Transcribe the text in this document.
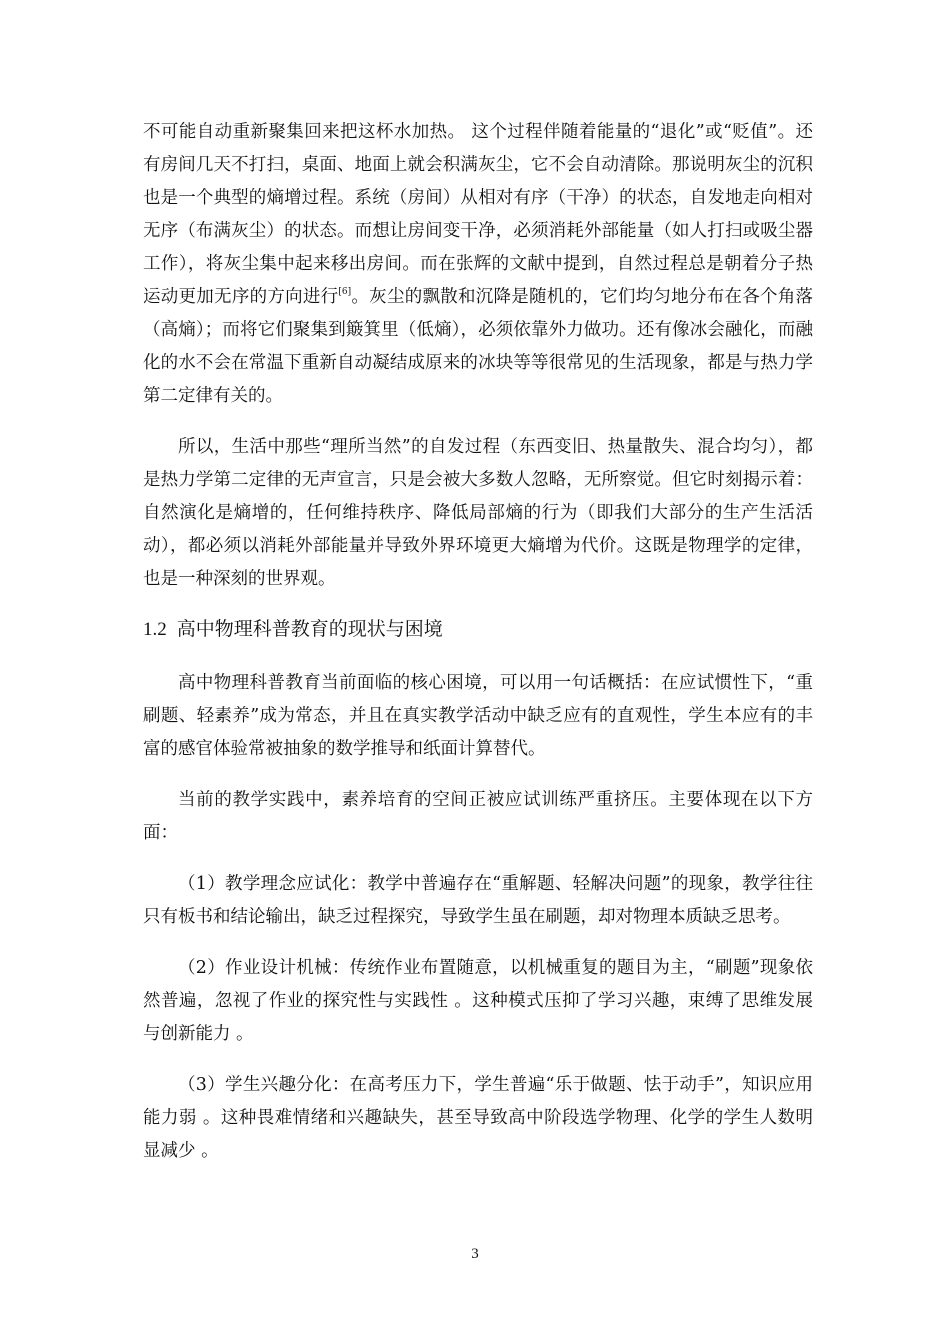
不可能自动重新聚集回来把这杯水加热。 这个过程伴随着能量的“退化”或“贬值”。还有房间几天不打扫，桌面、地面上就会积满灰尘，它不会自动清除。那说明灰尘的沉积也是一个典型的熵增过程。系统（房间）从相对有序（干净）的状态，自发地走向相对无序（布满灰尘）的状态。而想让房间变干净，必须消耗外部能量（如人打扫或吸尘器工作），将灰尘集中起来移出房间。而在张辉的文献中提到，自然过程总是朝着分子热运动更加无序的方向进行[6]。灰尘的飘散和沉降是随机的，它们均匀地分布在各个角落（高熵）；而将它们聚集到簸箕里（低熵），必须依靠外力做功。还有像冰会融化，而融化的水不会在常温下重新自动凝结成原来的冰块等等很常见的生活现象，都是与热力学第二定律有关的。

所以，生活中那些“理所当然”的自发过程（东西变旧、热量散失、混合均匀），都是热力学第二定律的无声宣言，只是会被大多数人忽略，无所察觉。但它时刻揭示着：自然演化是熵增的，任何维持秩序、降低局部熵的行为（即我们大部分的生产生活活动），都必须以消耗外部能量并导致外界环境更大熵增为代价。这既是物理学的定律，也是一种深刻的世界观。

1.2 高中物理科普教育的现状与困境

高中物理科普教育当前面临的核心困境，可以用一句话概括：在应试惯性下，“重刷题、轻素养”成为常态，并且在真实教学活动中缺乏应有的直观性，学生本应有的丰富的感官体验常被抽象的数学推导和纸面计算替代。

当前的教学实践中，素养培育的空间正被应试训练严重挤压。主要体现在以下方面：

（1）教学理念应试化：教学中普遍存在“重解题、轻解决问题”的现象，教学往往只有板书和结论输出，缺乏过程探究，导致学生虽在刷题，却对物理本质缺乏思考。

（2）作业设计机械：传统作业布置随意，以机械重复的题目为主，“刷题”现象依然普遍，忽视了作业的探究性与实践性 。这种模式压抑了学习兴趣，束缚了思维发展与创新能力 。

（3）学生兴趣分化：在高考压力下，学生普遍“乐于做题、怯于动手”，知识应用能力弱 。这种畏难情绪和兴趣缺失，甚至导致高中阶段选学物理、化学的学生人数明显减少 。

3
